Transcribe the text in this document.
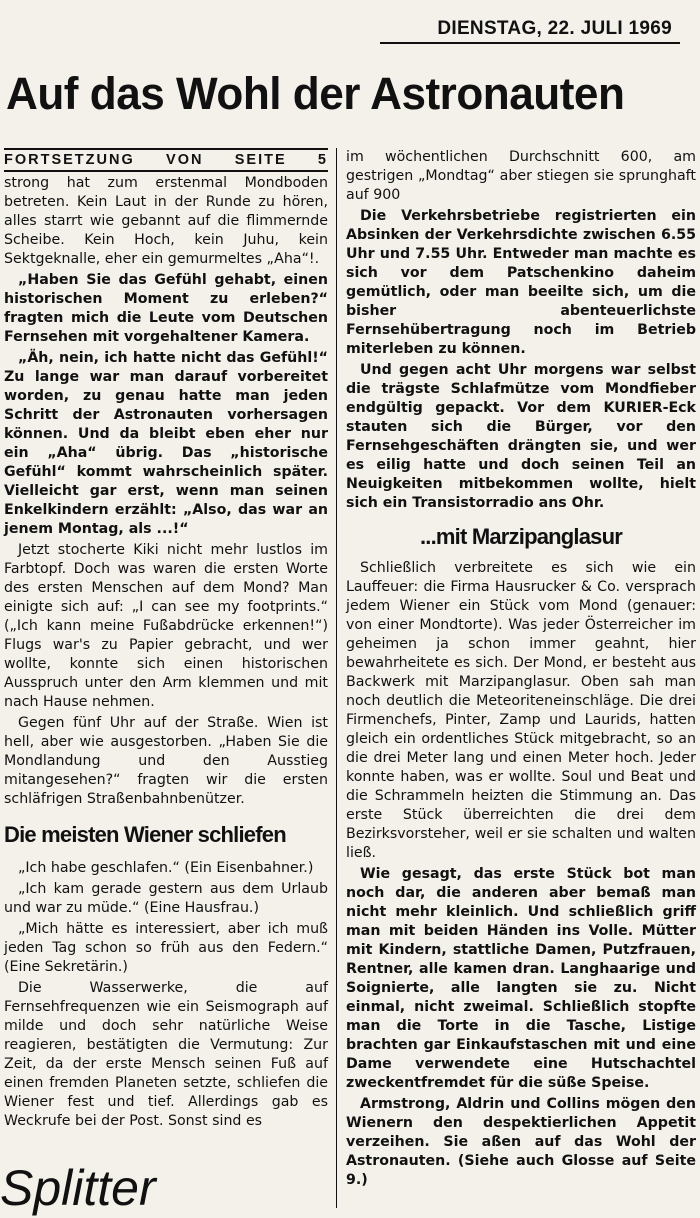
DIENSTAG, 22. JULI 1969
Auf das Wohl der Astronauten
FORTSETZUNG VON SEITE 5

strong hat zum erstenmal Mondboden betreten. Kein Laut in der Runde zu hören, alles starrt wie gebannt auf die flimmernde Scheibe. Kein Hoch, kein Juhu, kein Sektgeknalle, eher ein gemurmeltes „Aha“!.

„Haben Sie das Gefühl gehabt, einen historischen Moment zu erleben?“ fragten mich die Leute vom Deutschen Fernsehen mit vorgehaltener Kamera.

„Äh, nein, ich hatte nicht das Gefühl!“ Zu lange war man darauf vorbereitet worden, zu genau hatte man jeden Schritt der Astronauten vorhersagen können. Und da bleibt eben eher nur ein „Aha“ übrig. Das „historische Gefühl“ kommt wahrscheinlich später. Vielleicht gar erst, wenn man seinen Enkelkindern erzählt: „Also, das war an jenem Montag, als ...!“

Jetzt stocherte Kiki nicht mehr lustlos im Farbtopf. Doch was waren die ersten Worte des ersten Menschen auf dem Mond? Man einigte sich auf: „I can see my footprints.“ („Ich kann meine Fußabdrücke erkennen!“) Flugs war's zu Papier gebracht, und wer wollte, konnte sich einen historischen Ausspruch unter den Arm klemmen und mit nach Hause nehmen.

Gegen fünf Uhr auf der Straße. Wien ist hell, aber wie ausgestorben. „Haben Sie die Mondlandung und den Ausstieg mitangesehen?“ fragten wir die ersten schläfrigen Straßenbahnbenützer.

Die meisten Wiener schliefen

„Ich habe geschlafen.“ (Ein Eisenbahner.)

„Ich kam gerade gestern aus dem Urlaub und war zu müde.“ (Eine Hausfrau.)

„Mich hätte es interessiert, aber ich muß jeden Tag schon so früh aus den Federn.“ (Eine Sekretärin.)

Die Wasserwerke, die auf Fernsehfrequenzen wie ein Seismograph auf milde und doch sehr natürliche Weise reagieren, bestätigten die Vermutung: Zur Zeit, da der erste Mensch seinen Fuß auf einen fremden Planeten setzte, schliefen die Wiener fest und tief. Allerdings gab es Weckrufe bei der Post. Sonst sind es

im wöchentlichen Durchschnitt 600, am gestrigen „Mondtag“ aber stiegen sie sprunghaft auf 900

Die Verkehrsbetriebe registrierten ein Absinken der Verkehrsdichte zwischen 6.55 Uhr und 7.55 Uhr. Entweder man machte es sich vor dem Patschenkino daheim gemütlich, oder man beeilte sich, um die bisher abenteuerlichste Fernsehübertragung noch im Betrieb miterleben zu können.

Und gegen acht Uhr morgens war selbst die trägste Schlafmütze vom Mondfieber endgültig gepackt. Vor dem KURIER-Eck stauten sich die Bürger, vor den Fernsehgeschäften drängten sie, und wer es eilig hatte und doch seinen Teil an Neuigkeiten mitbekommen wollte, hielt sich ein Transistorradio ans Ohr.

...mit Marzipanglasur

Schließlich verbreitete es sich wie ein Lauffeuer: die Firma Hausrucker & Co. versprach jedem Wiener ein Stück vom Mond (genauer: von einer Mondtorte). Was jeder Österreicher im geheimen ja schon immer geahnt, hier bewahrheitete es sich. Der Mond, er besteht aus Backwerk mit Marzipanglasur. Oben sah man noch deutlich die Meteoriteneinschläge. Die drei Firmenchefs, Pinter, Zamp und Laurids, hatten gleich ein ordentliches Stück mitgebracht, so an die drei Meter lang und einen Meter hoch. Jeder konnte haben, was er wollte. Soul und Beat und die Schrammeln heizten die Stimmung an. Das erste Stück überreichten die drei dem Bezirksvorsteher, weil er sie schalten und walten ließ.

Wie gesagt, das erste Stück bot man noch dar, die anderen aber bemaß man nicht mehr kleinlich. Und schließlich griff man mit beiden Händen ins Volle. Mütter mit Kindern, stattliche Damen, Putzfrauen, Rentner, alle kamen dran. Langhaarige und Soignierte, alle langten sie zu. Nicht einmal, nicht zweimal. Schließlich stopfte man die Torte in die Tasche, Listige brachten gar Einkaufstaschen mit und eine Dame verwendete eine Hutschachtel zweckentfremdet für die süße Speise.

Armstrong, Aldrin und Collins mögen den Wienern den despektierlichen Appetit verzeihen. Sie aßen auf das Wohl der Astronauten. (Siehe auch Glosse auf Seite 9.)

Splitter
